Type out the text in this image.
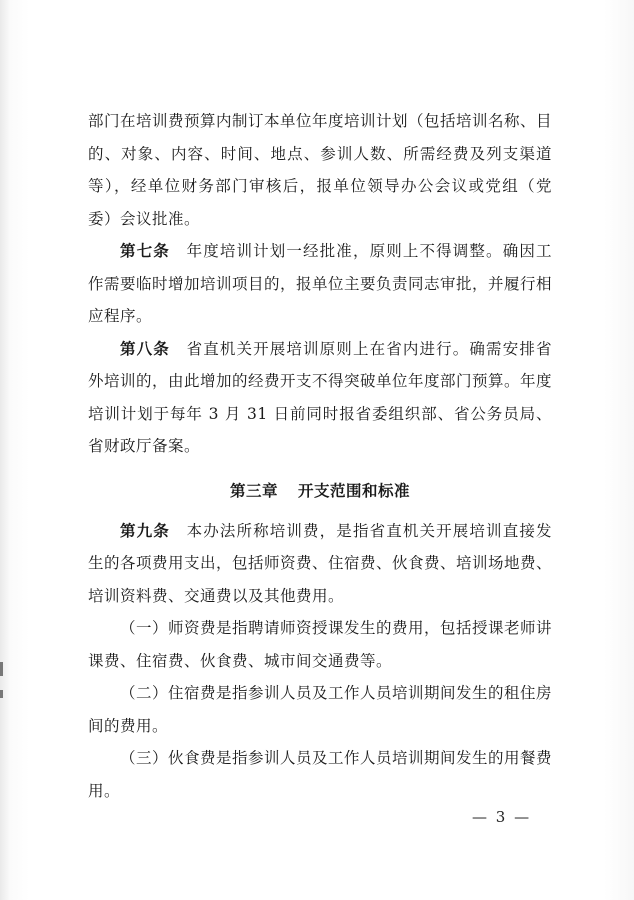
部门在培训费预算内制订本单位年度培训计划（包括培训名称、目的、对象、内容、时间、地点、参训人数、所需经费及列支渠道等），经单位财务部门审核后，报单位领导办公会议或党组（党委）会议批准。

第七条　 年度培训计划一经批准，原则上不得调整。确因工作需要临时增加培训项目的，报单位主要负责同志审批，并履行相应程序。

第八条　 省直机关开展培训原则上在省内进行。确需安排省外培训的，由此增加的经费开支不得突破单位年度部门预算。年度培训计划于每年 3 月 31 日前同时报省委组织部、省公务员局、省财政厅备案。

第三章 开支范围和标准

第九条　 本办法所称培训费，是指省直机关开展培训直接发生的各项费用支出，包括师资费、住宿费、伙食费、培训场地费、培训资料费、交通费以及其他费用。

（一）师资费是指聘请师资授课发生的费用，包括授课老师讲课费、住宿费、伙食费、城市间交通费等。

（二）住宿费是指参训人员及工作人员培训期间发生的租住房间的费用。

（三）伙食费是指参训人员及工作人员培训期间发生的用餐费用。

— 3 —
